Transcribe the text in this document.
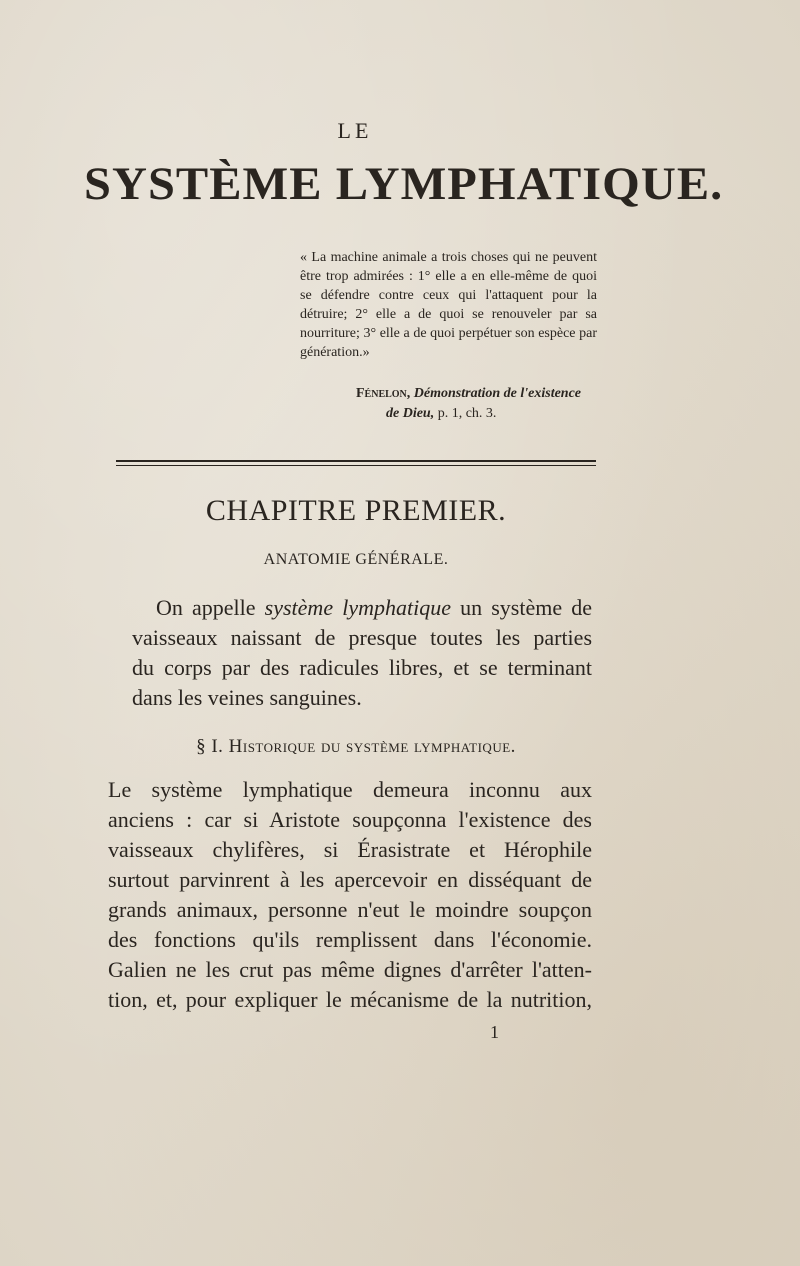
LE
SYSTÈME LYMPHATIQUE.
« La machine animale a trois choses qui ne peuvent être trop admirées : 1° elle a en elle-même de quoi se défendre contre ceux qui l'attaquent pour la détruire; 2° elle a de quoi se renouveler par sa nourriture; 3° elle a de quoi perpétuer son espèce par génération.»
Fénelon, Démonstration de l'existence
de Dieu, p. 1, ch. 3.
CHAPITRE PREMIER.
ANATOMIE GÉNÉRALE.
On appelle système lymphatique un système de
vaisseaux naissant de presque toutes les parties
du corps par des radicules libres, et se terminant
dans les veines sanguines.
§ I. Historique du système lymphatique.
Le système lymphatique demeura inconnu aux
anciens : car si Aristote soupçonna l'existence des
vaisseaux chylifères, si Érasistrate et Hérophile
surtout parvinrent à les apercevoir en disséquant de
grands animaux, personne n'eut le moindre soupçon
des fonctions qu'ils remplissent dans l'économie.
Galien ne les crut pas même dignes d'arrêter l'atten-
tion, et, pour expliquer le mécanisme de la nutrition,
1
